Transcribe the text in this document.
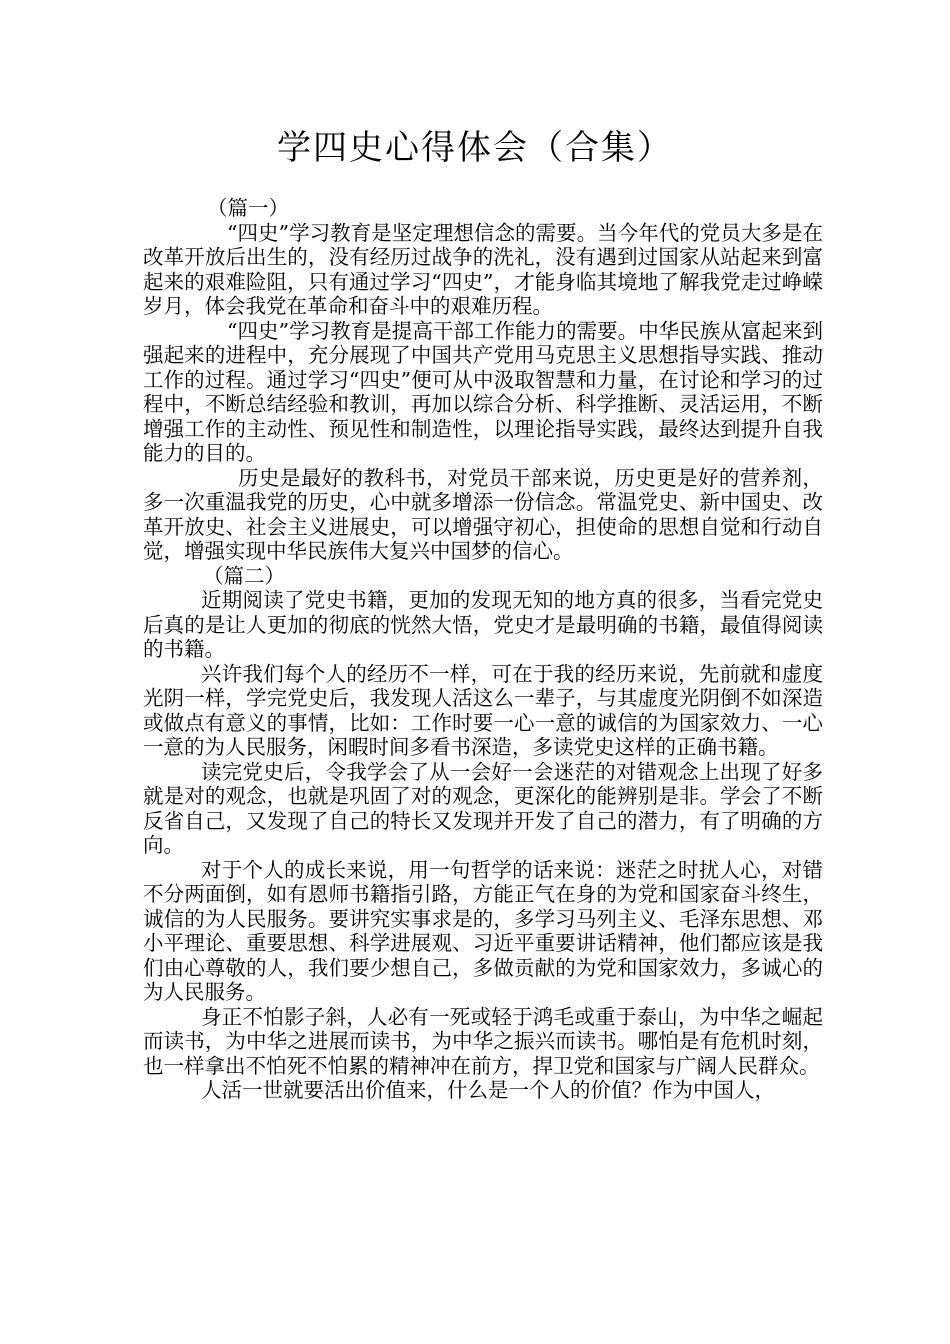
学四史心得体会（合集）

（篇一）

“四史”学习教育是坚定理想信念的需要。当今年代的党员大多是在改革开放后出生的，没有经历过战争的洗礼，没有遇到过国家从站起来到富起来的艰难险阻，只有通过学习“四史”，才能身临其境地了解我党走过峥嵘岁月，体会我党在革命和奋斗中的艰难历程。

“四史”学习教育是提高干部工作能力的需要。中华民族从富起来到强起来的进程中，充分展现了中国共产党用马克思主义思想指导实践、推动工作的过程。通过学习“四史”便可从中汲取智慧和力量，在讨论和学习的过程中，不断总结经验和教训，再加以综合分析、科学推断、灵活运用，不断增强工作的主动性、预见性和制造性，以理论指导实践，最终达到提升自我能力的目的。

历史是最好的教科书，对党员干部来说，历史更是好的营养剂，多一次重温我党的历史，心中就多增添一份信念。常温党史、新中国史、改革开放史、社会主义进展史，可以增强守初心，担使命的思想自觉和行动自觉，增强实现中华民族伟大复兴中国梦的信心。

（篇二）

近期阅读了党史书籍，更加的发现无知的地方真的很多，当看完党史后真的是让人更加的彻底的恍然大悟，党史才是最明确的书籍，最值得阅读的书籍。

兴许我们每个人的经历不一样，可在于我的经历来说，先前就和虚度光阴一样，学完党史后，我发现人活这么一辈子，与其虚度光阴倒不如深造或做点有意义的事情，比如：工作时要一心一意的诚信的为国家效力、一心一意的为人民服务，闲暇时间多看书深造，多读党史这样的正确书籍。

读完党史后，令我学会了从一会好一会迷茫的对错观念上出现了好多就是对的观念，也就是巩固了对的观念，更深化的能辨别是非。学会了不断反省自己，又发现了自己的特长又发现并开发了自己的潜力，有了明确的方向。

对于个人的成长来说，用一句哲学的话来说：迷茫之时扰人心，对错不分两面倒，如有恩师书籍指引路，方能正气在身的为党和国家奋斗终生，诚信的为人民服务。要讲究实事求是的，多学习马列主义、毛泽东思想、邓小平理论、重要思想、科学进展观、习近平重要讲话精神，他们都应该是我们由心尊敬的人，我们要少想自己，多做贡献的为党和国家效力，多诚心的为人民服务。

身正不怕影子斜，人必有一死或轻于鸿毛或重于泰山，为中华之崛起而读书，为中华之进展而读书，为中华之振兴而读书。哪怕是有危机时刻，也一样拿出不怕死不怕累的精神冲在前方，捍卫党和国家与广阔人民群众。

人活一世就要活出价值来，什么是一个人的价值？作为中国人，
